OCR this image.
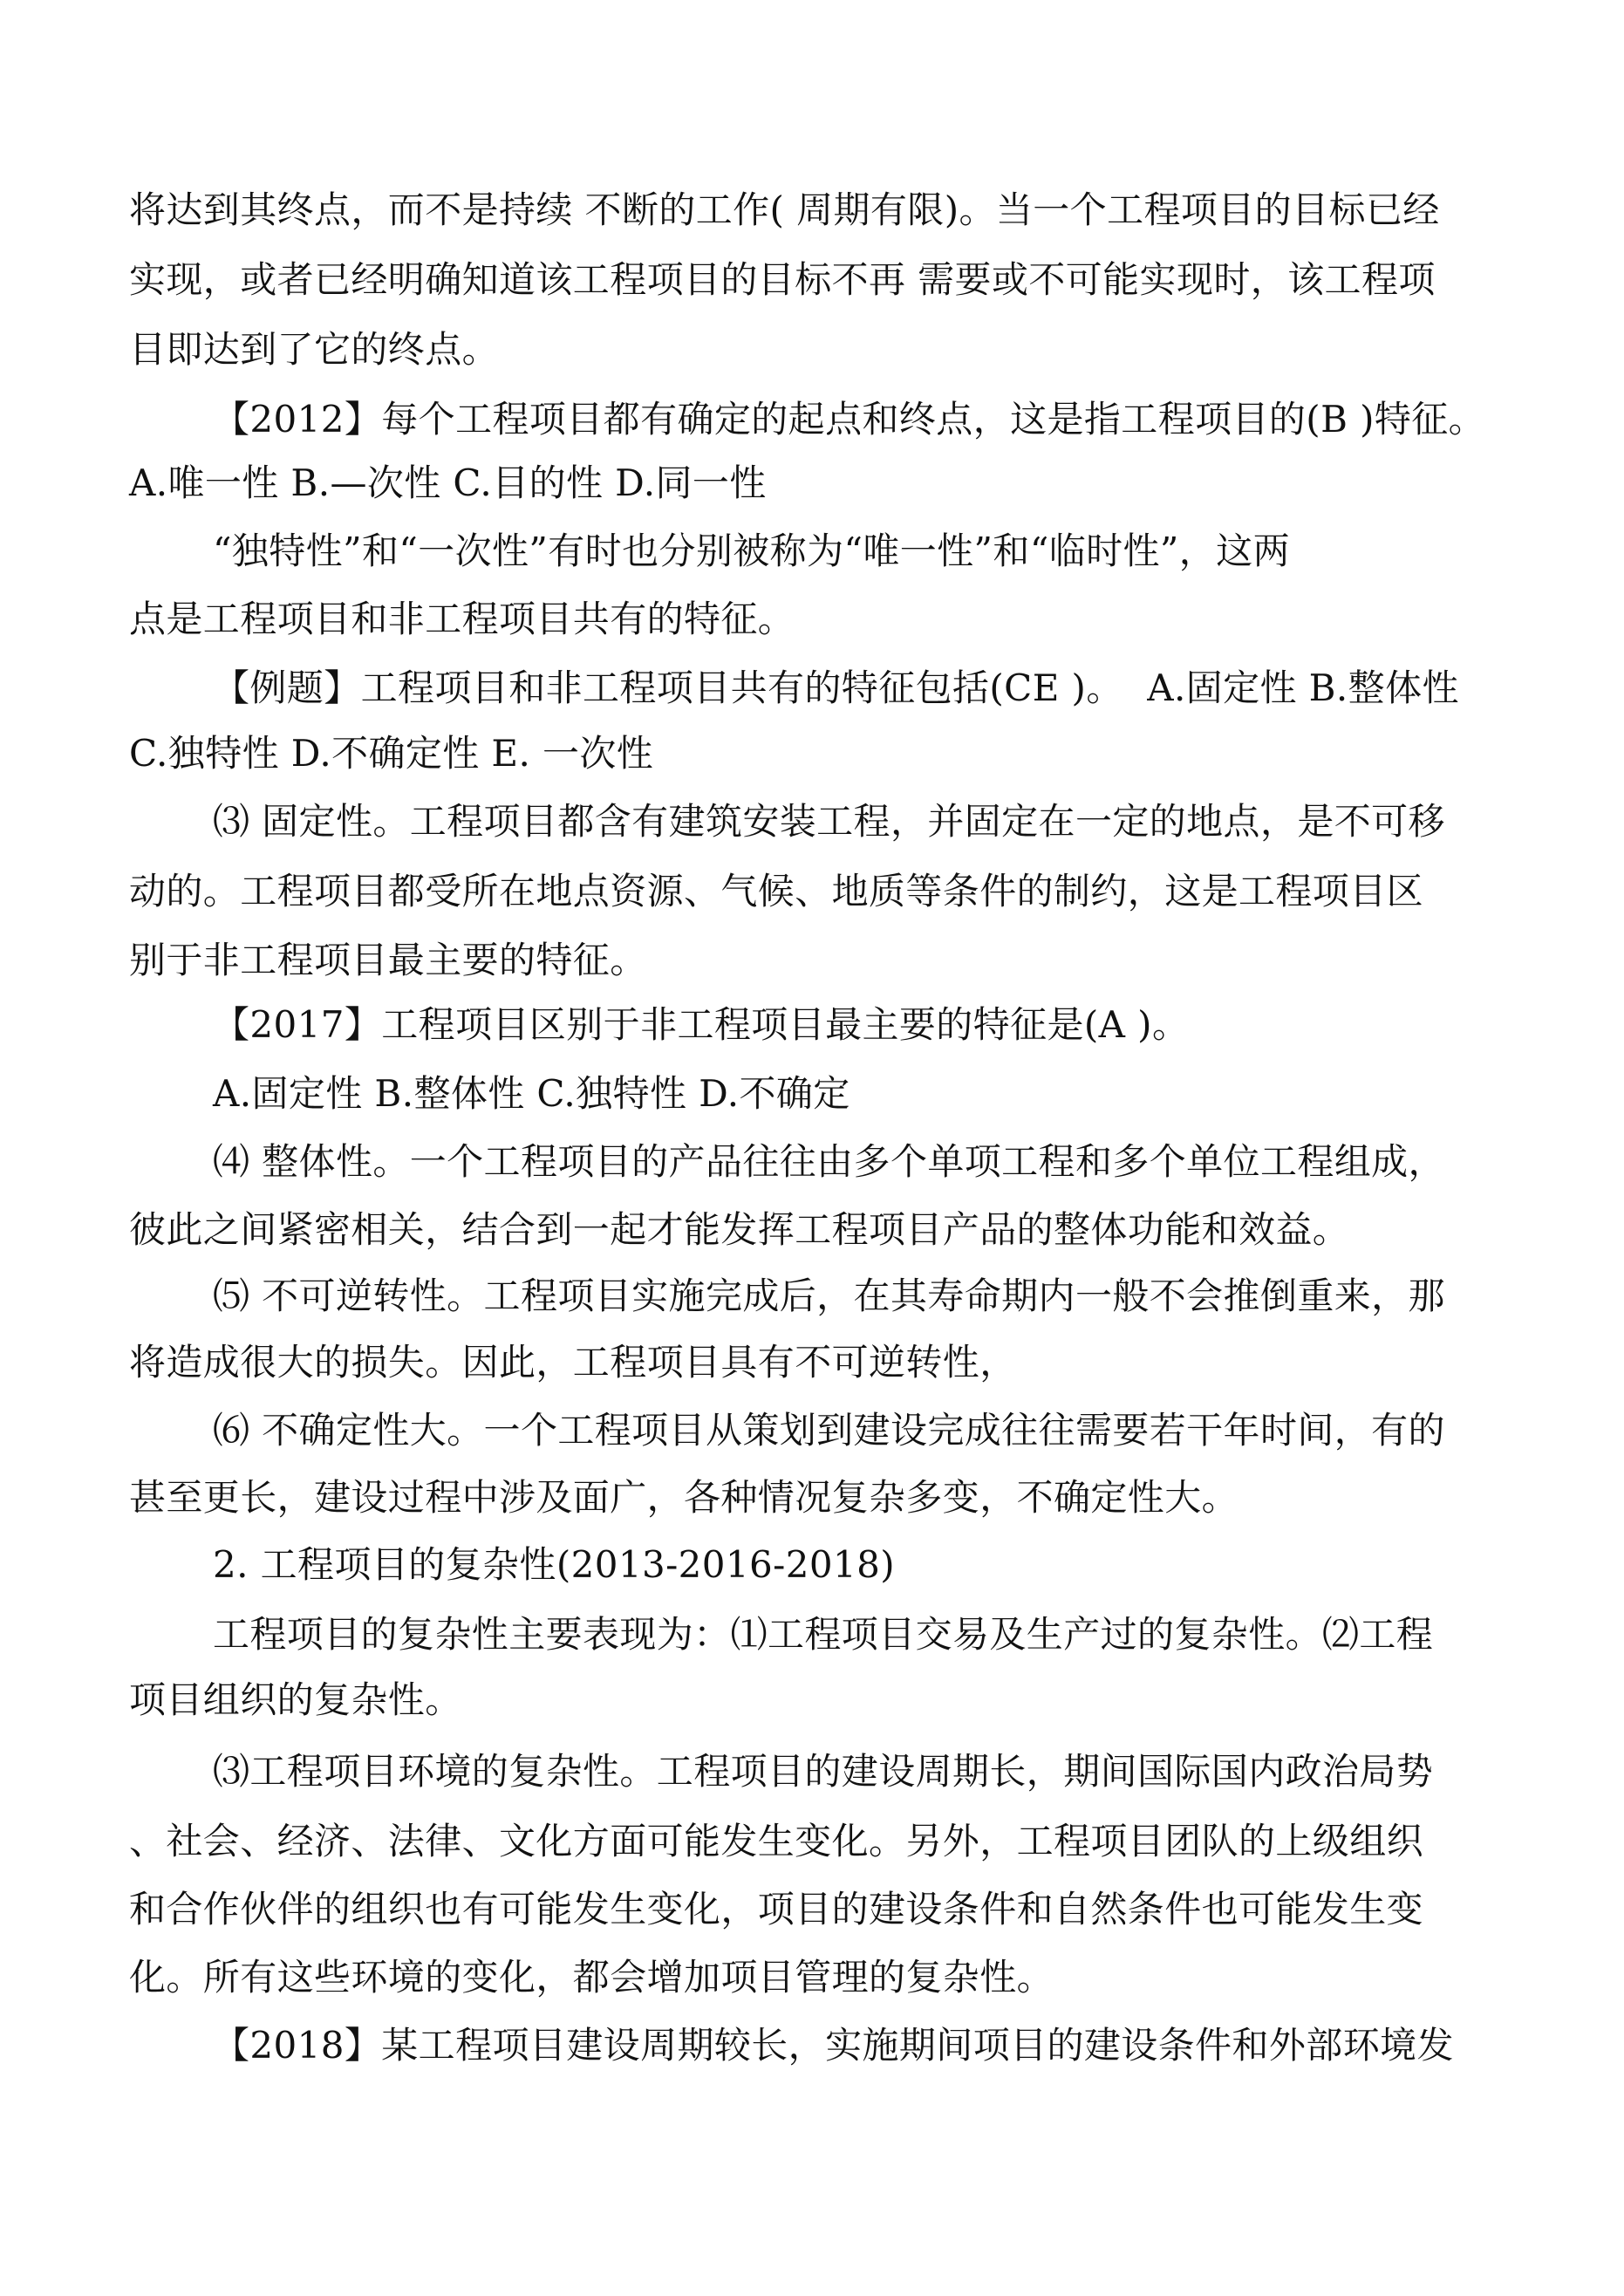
将达到其终点，而不是持续 不断的工作( 周期有限)。当一个工程项目的目标已经
实现，或者已经明确知道该工程项目的目标不再 需要或不可能实现时，该工程项
目即达到了它的终点。
【2012】每个工程项目都有确定的起点和终点，这是指工程项目的(B )特征。
A.唯一性 B.—次性 C.目的性 D.同一性
“独特性”和“一次性”有时也分别被称为“唯一性”和“临时性”，这两
点是工程项目和非工程项目共有的特征。
【例题】工程项目和非工程项目共有的特征包括(CE )。  A.固定性 B.整体性
C.独特性 D.不确定性 E. 一次性
⑶ 固定性。工程项目都含有建筑安装工程，并固定在一定的地点，是不可移
动的。工程项目都受所在地点资源、气候、地质等条件的制约，这是工程项目区
别于非工程项目最主要的特征。
【2017】工程项目区别于非工程项目最主要的特征是(A )。
A.固定性 B.整体性 C.独特性 D.不确定
⑷ 整体性。一个工程项目的产品往往由多个单项工程和多个单位工程组成，
彼此之间紧密相关，结合到一起才能发挥工程项目产品的整体功能和效益。
⑸ 不可逆转性。工程项目实施完成后，在其寿命期内一般不会推倒重来，那
将造成很大的损失。因此，工程项目具有不可逆转性，
⑹ 不确定性大。一个工程项目从策划到建设完成往往需要若干年时间，有的
甚至更长，建设过程中涉及面广，各种情况复杂多变，不确定性大。
2. 工程项目的复杂性(2013-2016-2018)
工程项目的复杂性主要表现为：⑴工程项目交易及生产过的复杂性。⑵工程
项目组织的复杂性。
⑶工程项目环境的复杂性。工程项目的建设周期长，期间国际国内政治局势
、社会、经济、法律、文化方面可能发生变化。另外，工程项目团队的上级组织
和合作伙伴的组织也有可能发生变化，项目的建设条件和自然条件也可能发生变
化。所有这些环境的变化，都会增加项目管理的复杂性。
【2018】某工程项目建设周期较长，实施期间项目的建设条件和外部环境发
